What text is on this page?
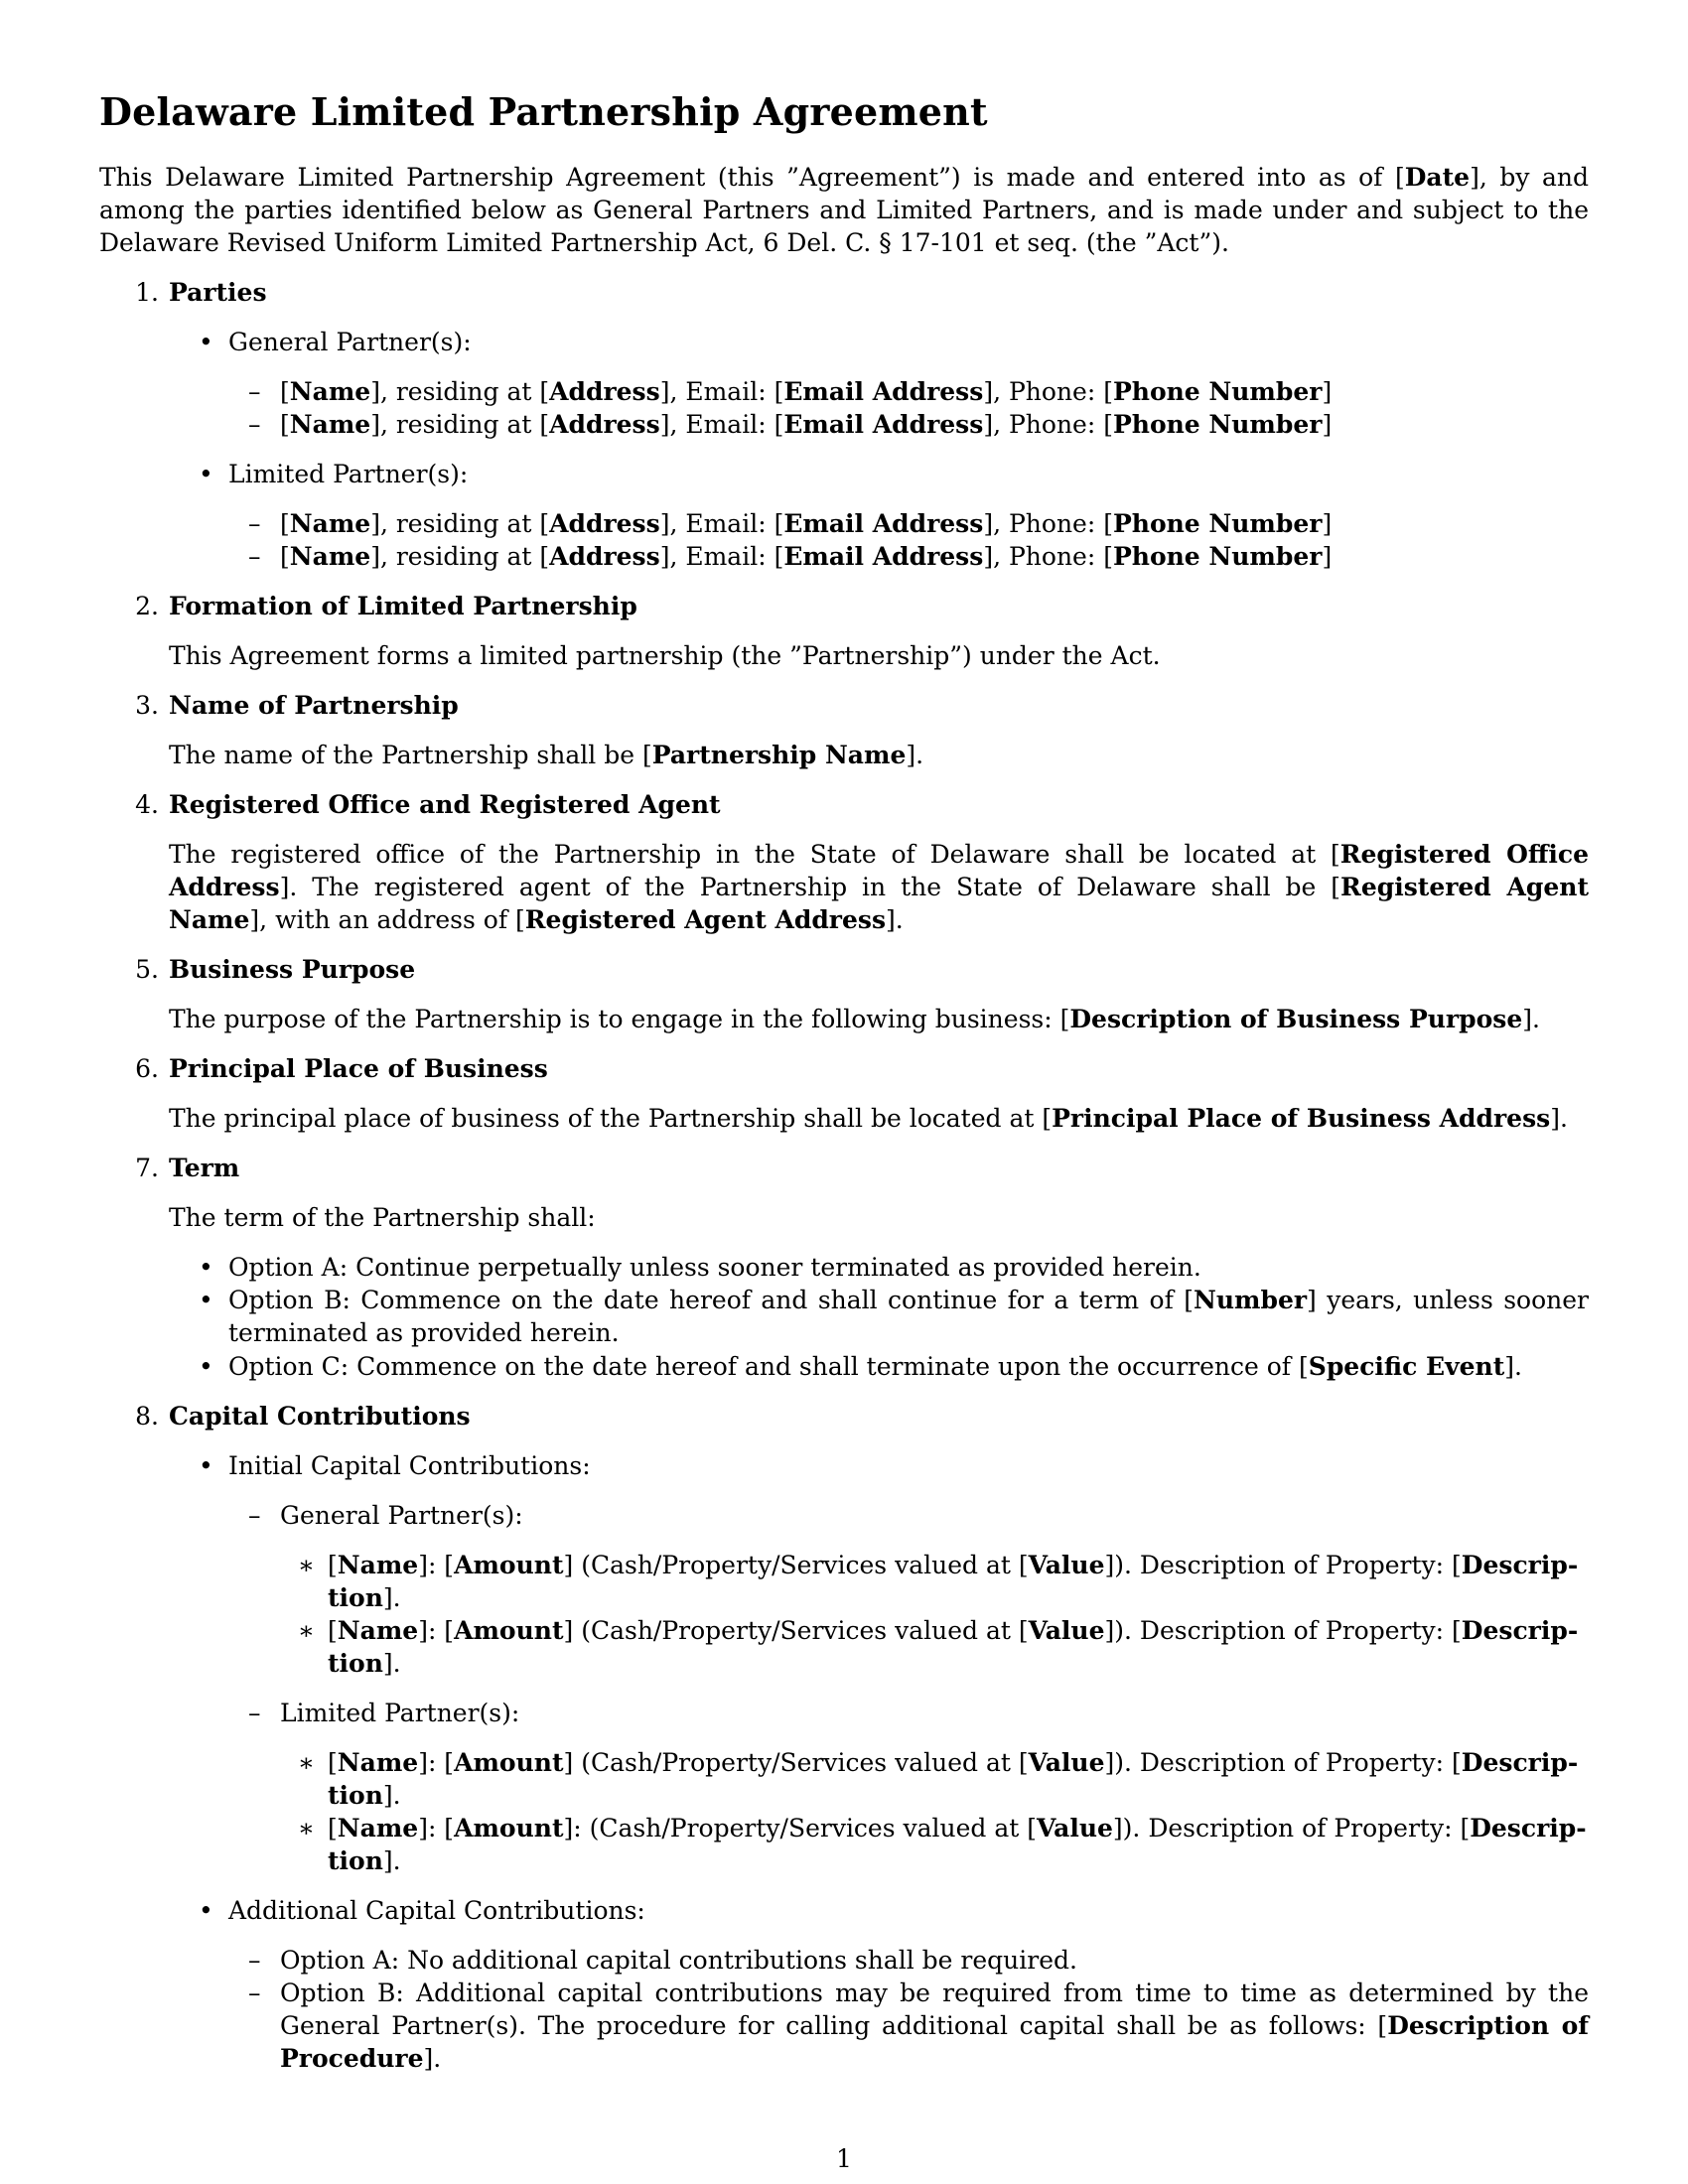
Delaware Limited Partnership Agreement
This Delaware Limited Partnership Agreement (this ”Agreement”) is made and entered into as of [Date], by and among the parties identified below as General Partners and Limited Partners, and is made under and subject to the Delaware Revised Uniform Limited Partnership Act, 6 Del. C. § 17-101 et seq. (the ”Act”).
1. Parties
• General Partner(s):
– [Name], residing at [Address], Email: [Email Address], Phone: [Phone Number]
– [Name], residing at [Address], Email: [Email Address], Phone: [Phone Number]
• Limited Partner(s):
– [Name], residing at [Address], Email: [Email Address], Phone: [Phone Number]
– [Name], residing at [Address], Email: [Email Address], Phone: [Phone Number]
2. Formation of Limited Partnership
This Agreement forms a limited partnership (the ”Partnership”) under the Act.
3. Name of Partnership
The name of the Partnership shall be [Partnership Name].
4. Registered Office and Registered Agent
The registered office of the Partnership in the State of Delaware shall be located at [Registered Office Address]. The registered agent of the Partnership in the State of Delaware shall be [Registered Agent Name], with an address of [Registered Agent Address].
5. Business Purpose
The purpose of the Partnership is to engage in the following business: [Description of Business Purpose].
6. Principal Place of Business
The principal place of business of the Partnership shall be located at [Principal Place of Business Address].
7. Term
The term of the Partnership shall:
• Option A: Continue perpetually unless sooner terminated as provided herein.
• Option B: Commence on the date hereof and shall continue for a term of [Number] years, unless sooner terminated as provided herein.
• Option C: Commence on the date hereof and shall terminate upon the occurrence of [Specific Event].
8. Capital Contributions
• Initial Capital Contributions:
– General Partner(s):
∗ [Name]: [Amount] (Cash/Property/Services valued at [Value]). Description of Property: [Descrip-
tion].
∗ [Name]: [Amount] (Cash/Property/Services valued at [Value]). Description of Property: [Descrip-
tion].
– Limited Partner(s):
∗ [Name]: [Amount] (Cash/Property/Services valued at [Value]). Description of Property: [Descrip-
tion].
∗ [Name]: [Amount]: (Cash/Property/Services valued at [Value]). Description of Property: [Descrip-
tion].
• Additional Capital Contributions:
– Option A: No additional capital contributions shall be required.
– Option B: Additional capital contributions may be required from time to time as determined by the General Partner(s). The procedure for calling additional capital shall be as follows: [Description of Procedure].
1
